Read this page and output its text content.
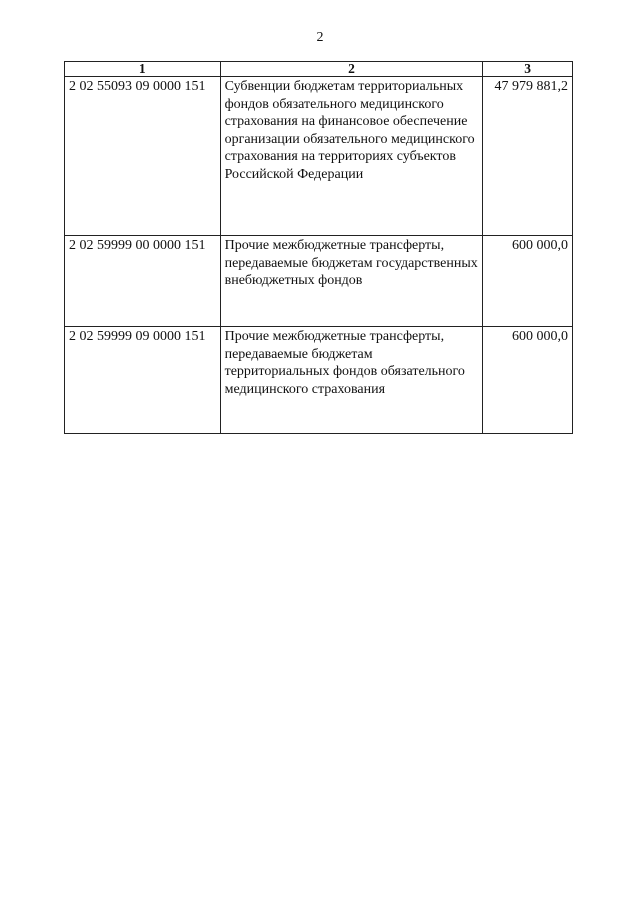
2
1	2	3
2 02 55093 09 0000 151	Субвенции бюджетам территориальных фондов обязательного медицинского страхования на финансовое обеспечение организации обязательного медицинского страхования на территориях субъектов Российской Федерации	47 979 881,2
2 02 59999 00 0000 151	Прочие межбюджетные трансферты, передаваемые бюджетам государственных внебюджетных фондов	600 000,0
2 02 59999 09 0000 151	Прочие межбюджетные трансферты, передаваемые бюджетам территориальных фондов обязательного медицинского страхования	600 000,0
